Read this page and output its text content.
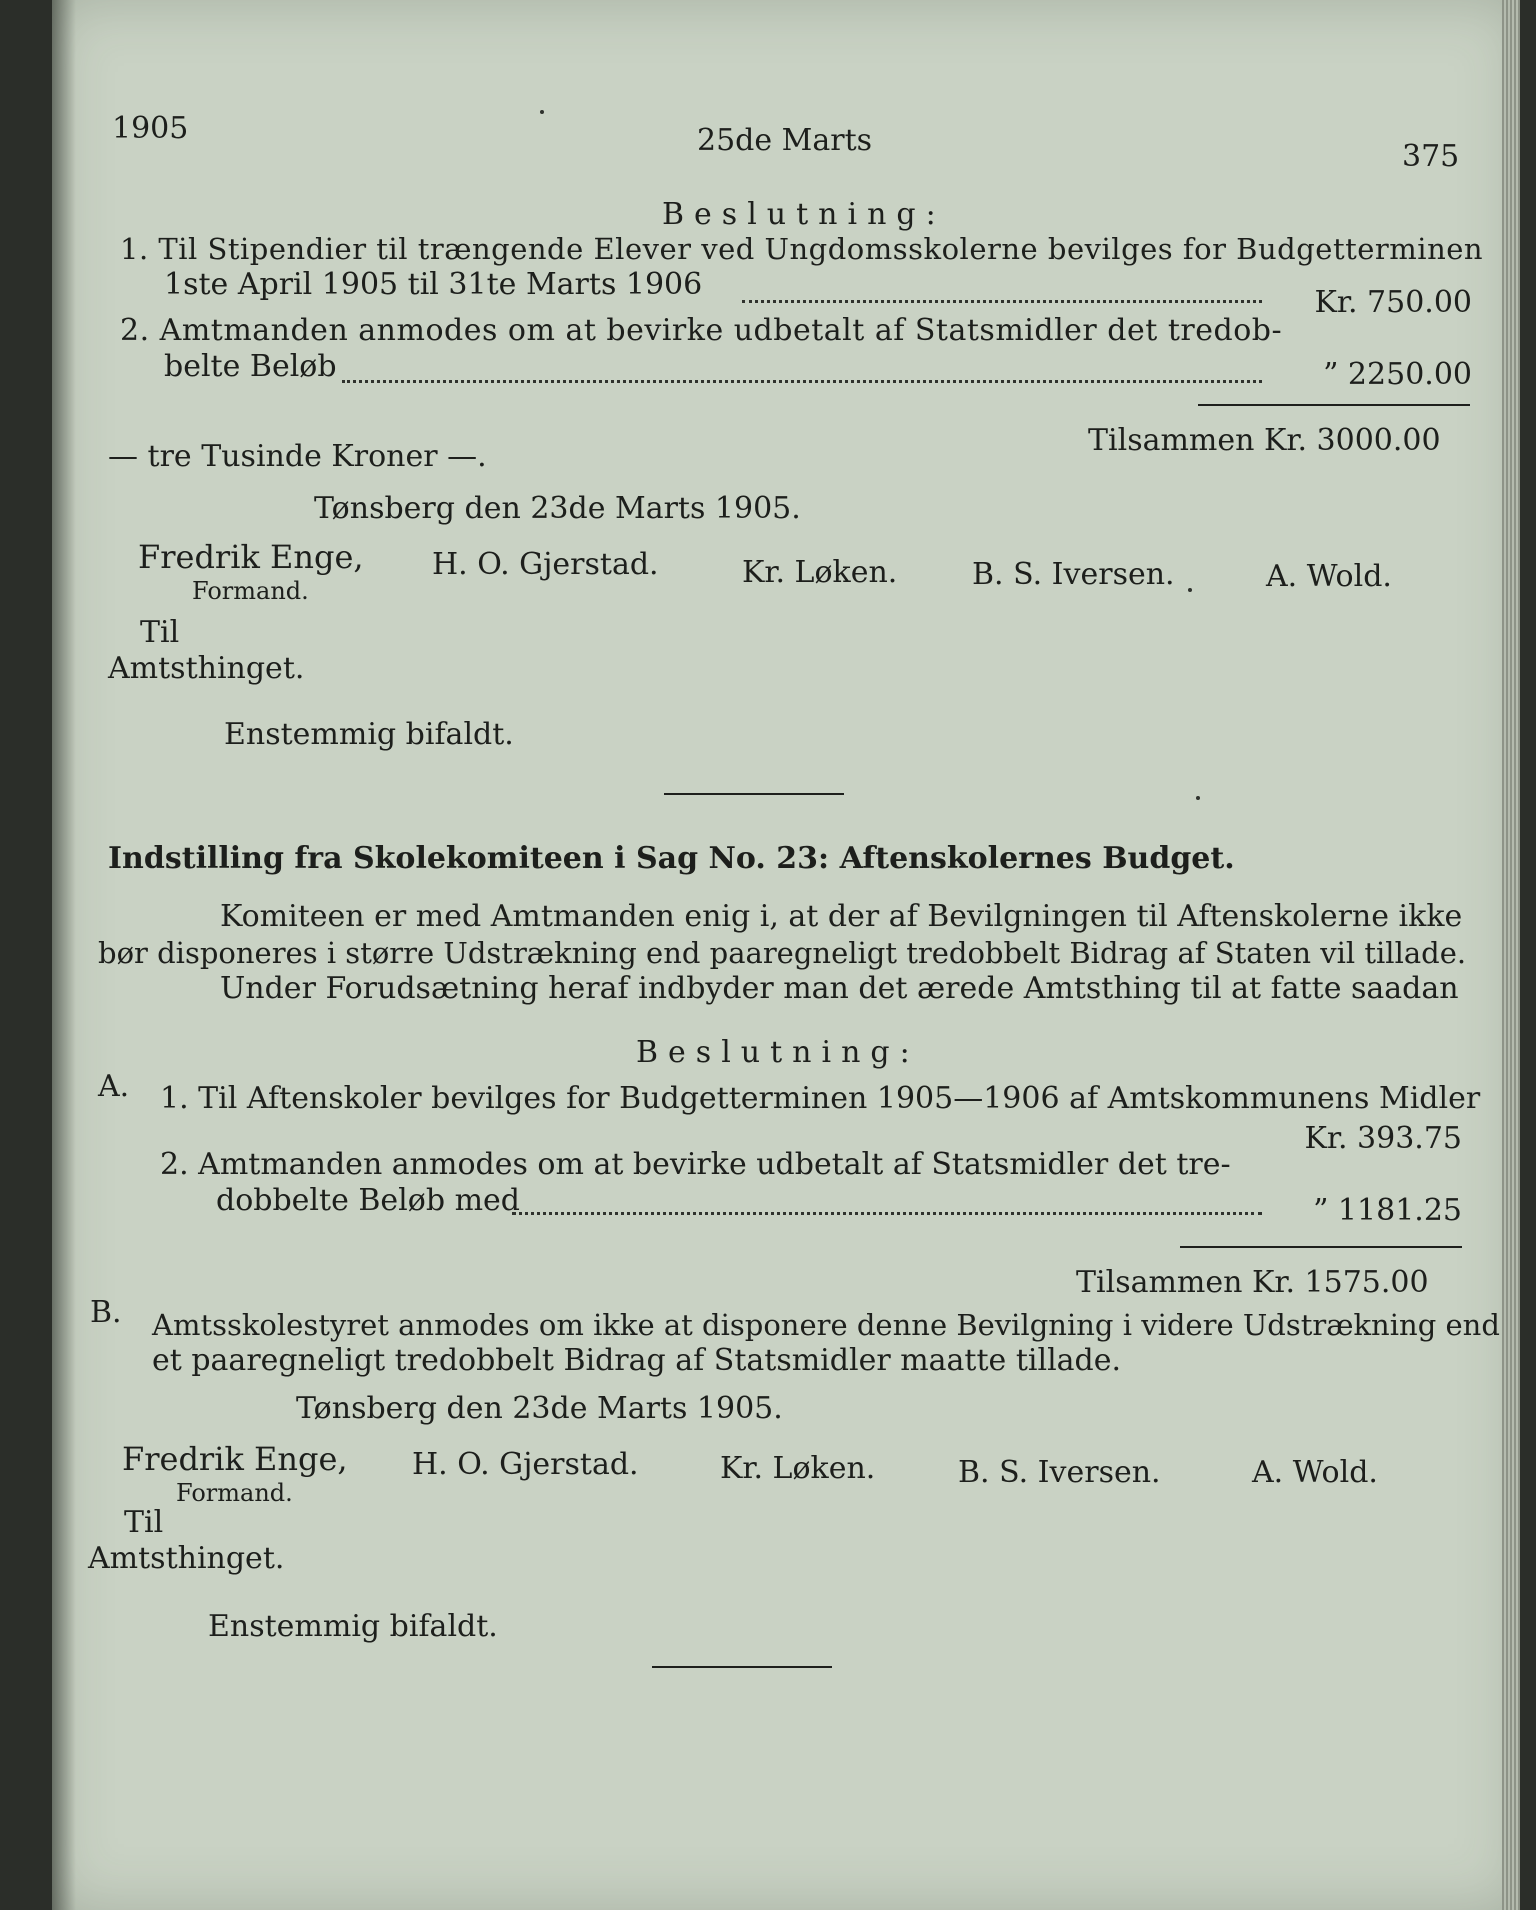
1905	25de Marts	375
Beslutning:
1. Til Stipendier til trængende Elever ved Ungdomsskolerne bevilges for Budgetterminen
1ste April 1905 til 31te Marts 1906
Kr. 750.00
2. Amtmanden anmodes om at bevirke udbetalt af Statsmidler det tredob-
belte Beløb	” 2250.00
Tilsammen Kr. 3000.00
— tre Tusinde Kroner —.
Tønsberg den 23de Marts 1905.
Fredrik Enge,
Formand.
H. O. Gjerstad.	Kr. Løken. B. S. Iversen.	A. Wold.
Til
Amtsthinget.
Enstemmig bifaldt.
Indstilling fra Skolekomiteen i Sag No. 23: Aftenskolernes Budget.
Komiteen er med Amtmanden enig i, at der af Bevilgningen til Aftenskolerne ikke
bør disponeres i større Udstrækning end paaregneligt tredobbelt Bidrag af Staten vil tillade.
Under Forudsætning heraf indbyder man det ærede Amtsthing til at fatte saadan
Beslutning:
A. 1. Til Aftenskoler bevilges for Budgetterminen 1905—1906 af Amtskommunens Midler
Kr. 393.75
2. Amtmanden anmodes om at bevirke udbetalt af Statsmidler det tre-
dobbelte Beløb med	” 1181.25
Tilsammen Kr. 1575.00
B. Amtsskolestyret anmodes om ikke at disponere denne Bevilgning i videre Udstrækning end
et paaregneligt tredobbelt Bidrag af Statsmidler maatte tillade.
Tønsberg den 23de Marts 1905.
Fredrik Enge,
Formand.
H. O. Gjerstad.	Kr. Løken.	B. S. Iversen.	A. Wold.
Til
Amtsthinget.
Enstemmig bifaldt.
